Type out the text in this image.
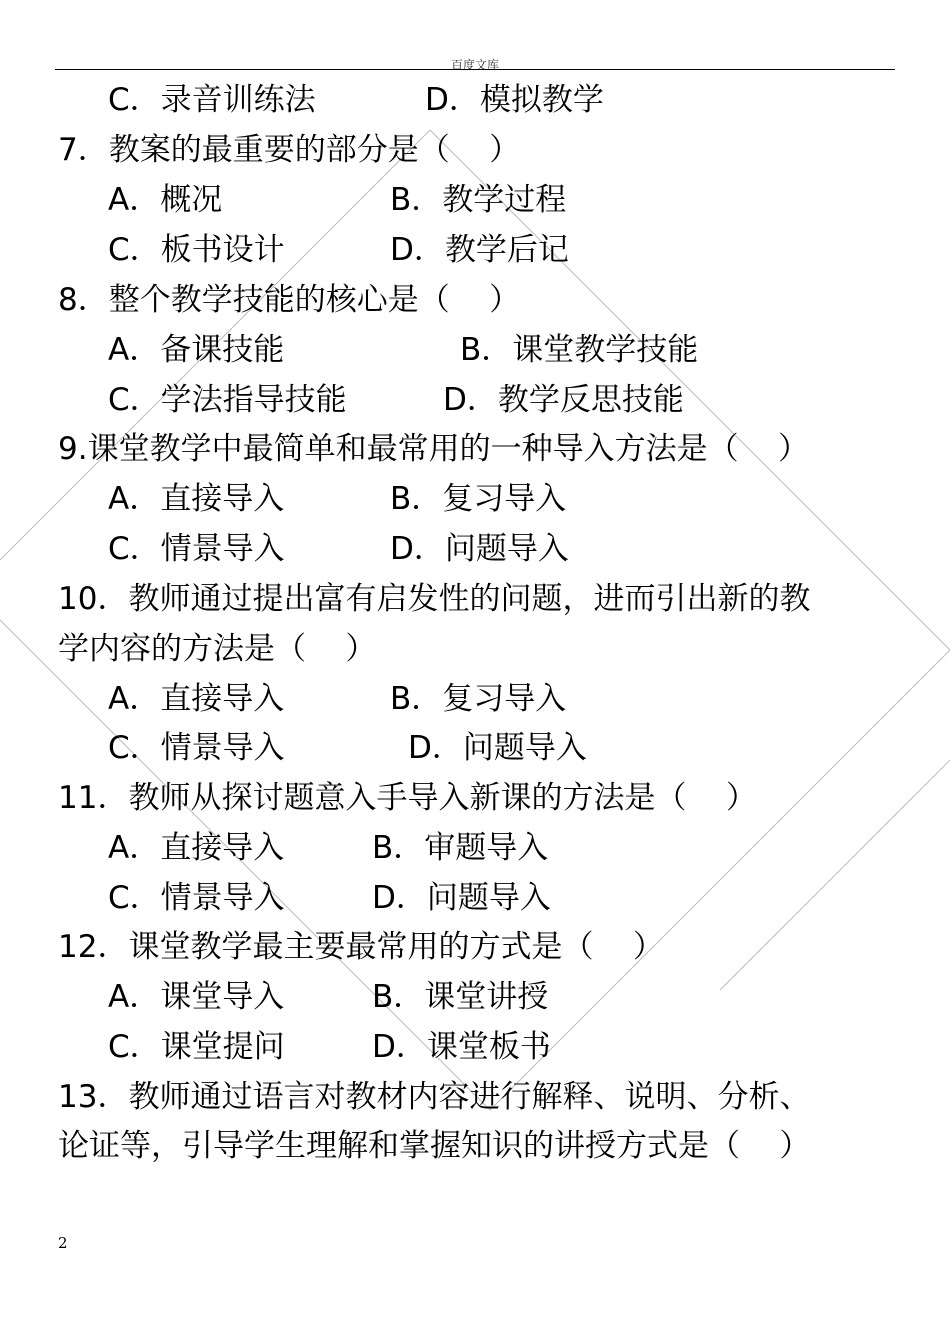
百度文库
C．录音训练法	D．模拟教学
7．教案的最重要的部分是（    ）
A．概况	B．教学过程
C．板书设计	D．教学后记
8．整个教学技能的核心是（    ）
A．备课技能	B．课堂教学技能
C．学法指导技能	D．教学反思技能
9.课堂教学中最简单和最常用的一种导入方法是（    ）
A．直接导入	B．复习导入
C．情景导入	D．问题导入
10．教师通过提出富有启发性的问题，进而引出新的教
学内容的方法是（    ）
A．直接导入	B．复习导入
C．情景导入	D．问题导入
11．教师从探讨题意入手导入新课的方法是（    ）
A．直接导入	B．审题导入
C．情景导入	D．问题导入
12．课堂教学最主要最常用的方式是（    ）
A．课堂导入	B．课堂讲授
C．课堂提问	D．课堂板书
13．教师通过语言对教材内容进行解释、说明、分析、
论证等，引导学生理解和掌握知识的讲授方式是（    ）
2
